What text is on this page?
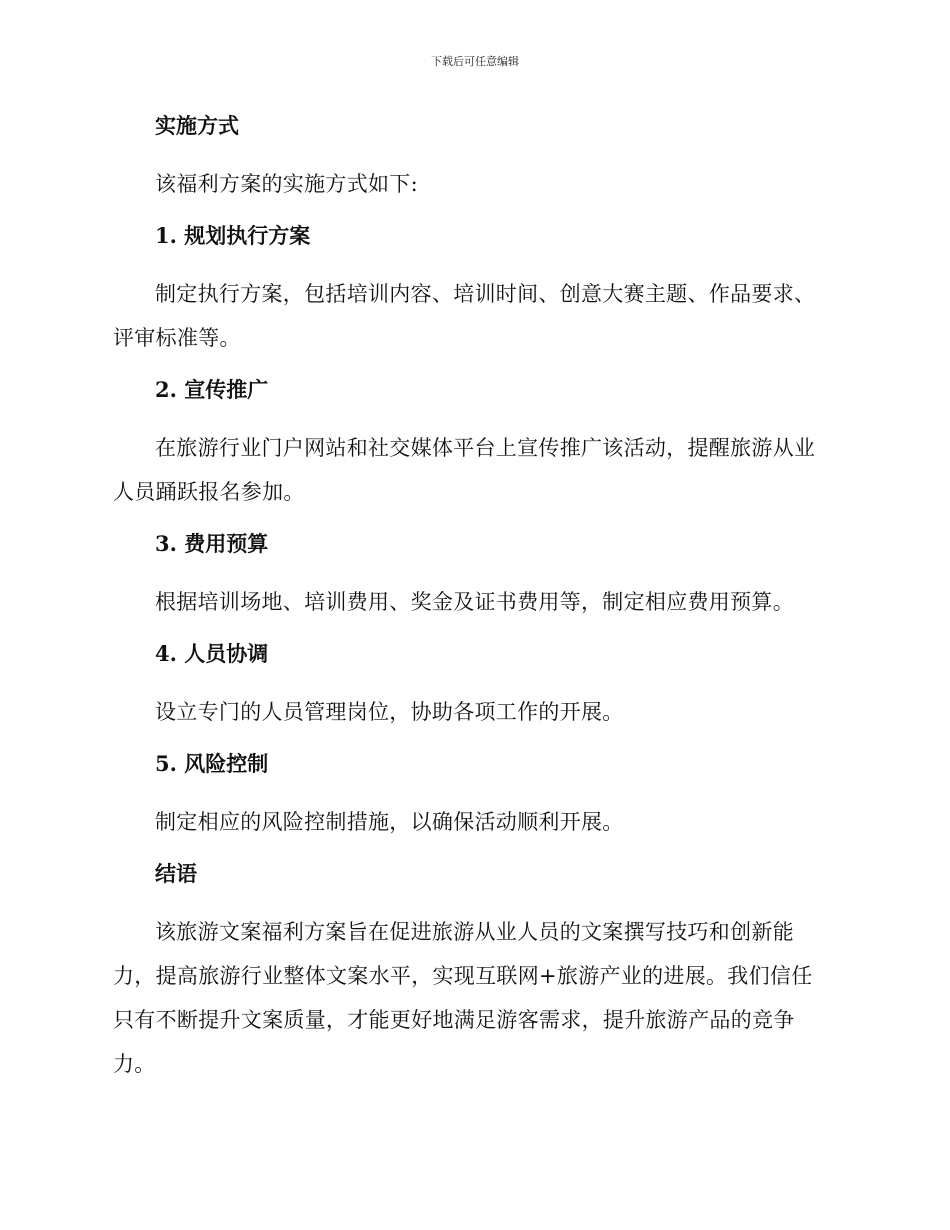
下载后可任意编辑
实施方式

该福利方案的实施方式如下:

1. 规划执行方案

制定执行方案，包括培训内容、培训时间、创意大赛主题、作品要求、评审标准等。

2. 宣传推广

在旅游行业门户网站和社交媒体平台上宣传推广该活动，提醒旅游从业人员踊跃报名参加。

3. 费用预算

根据培训场地、培训费用、奖金及证书费用等，制定相应费用预算。

4. 人员协调

设立专门的人员管理岗位，协助各项工作的开展。

5. 风险控制

制定相应的风险控制措施，以确保活动顺利开展。

结语

该旅游文案福利方案旨在促进旅游从业人员的文案撰写技巧和创新能力，提高旅游行业整体文案水平，实现互联网+旅游产业的进展。我们信任只有不断提升文案质量，才能更好地满足游客需求，提升旅游产品的竞争力。
